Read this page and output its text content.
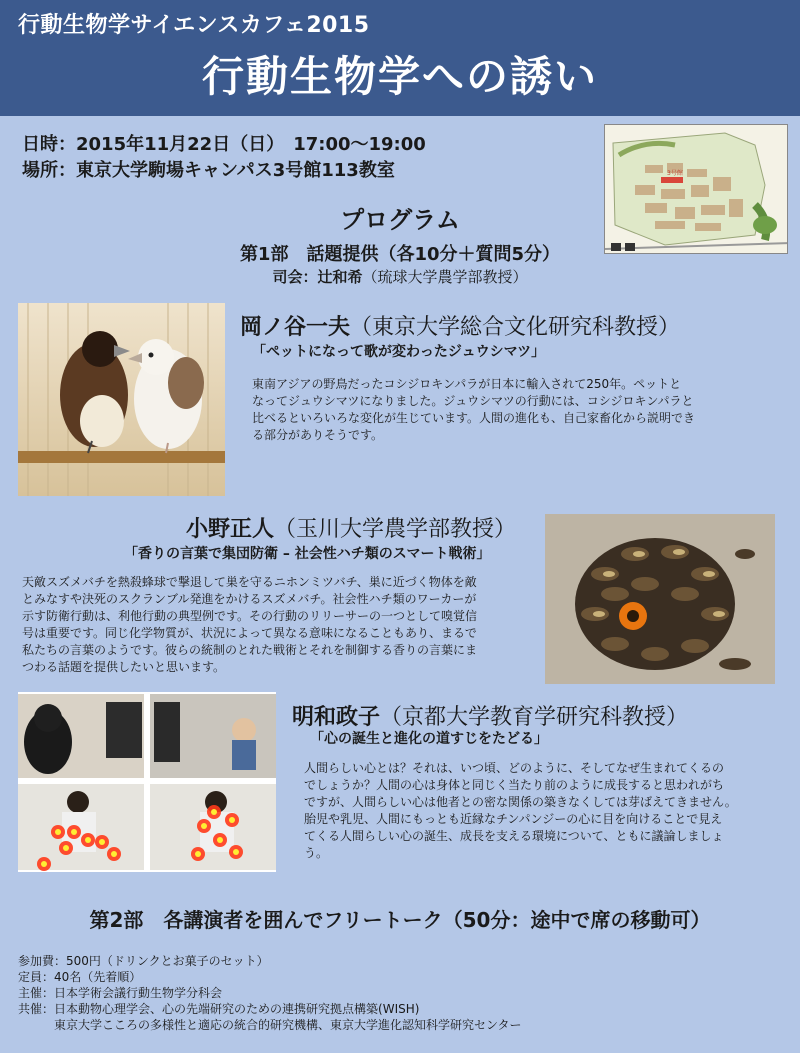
行動生物学サイエンスカフェ2015
行動生物学への誘い
日時：2015年11月22日（日）　17:00〜19:00
場所：東京大学駒場キャンパス3号館113教室	3号館
プログラム
第1部　話題提供（各10分＋質問5分）
司会：辻和希（琉球大学農学部教授）
岡ノ谷一夫（東京大学総合文化研究科教授）
「ペットになって歌が変わったジュウシマツ」
東南アジアの野鳥だったコシジロキンパラが日本に輸入されて250年。ペットと
なってジュウシマツになりました。ジュウシマツの行動には、コシジロキンパラと
比べるといろいろな変化が生じています。人間の進化も、自己家畜化から説明でき
る部分がありそうです。
小野正人（玉川大学農学部教授）
「香りの言葉で集団防衛 – 社会性ハチ類のスマート戦術」
天敵スズメバチを熱殺蜂球で撃退して巣を守るニホンミツバチ、巣に近づく物体を敵
とみなすや決死のスクランブル発進をかけるスズメバチ。社会性ハチ類のワーカーが
示す防衛行動は、利他行動の典型例です。その行動のリリーサーの一つとして嗅覚信
号は重要です。同じ化学物質が、状況によって異なる意味になることもあり、まるで
私たちの言葉のようです。彼らの統制のとれた戦術とそれを制御する香りの言葉にま
つわる話題を提供したいと思います。
明和政子（京都大学教育学研究科教授）
「心の誕生と進化の道すじをたどる」
人間らしい心とは？それは、いつ頃、どのように、そしてなぜ生まれてくるの
でしょうか？人間の心は身体と同じく当たり前のように成長すると思われがち
ですが、人間らしい心は他者との密な関係の築きなくしては芽ばえてきません。
胎児や乳児、人間にもっとも近縁なチンパンジーの心に目を向けることで見え
てくる人間らしい心の誕生、成長を支える環境について、ともに議論しましょ
う。
第2部　各講演者を囲んでフリートーク（50分：途中で席の移動可）
参加費：500円（ドリンクとお菓子のセット）
定員：40名（先着順）
主催：日本学術会議行動生物学分科会
共催： 日本動物心理学会、心の先端研究のための連携研究拠点構築(WISH)
東京大学こころの多様性と適応の統合的研究機構、東京大学進化認知科学研究センター
